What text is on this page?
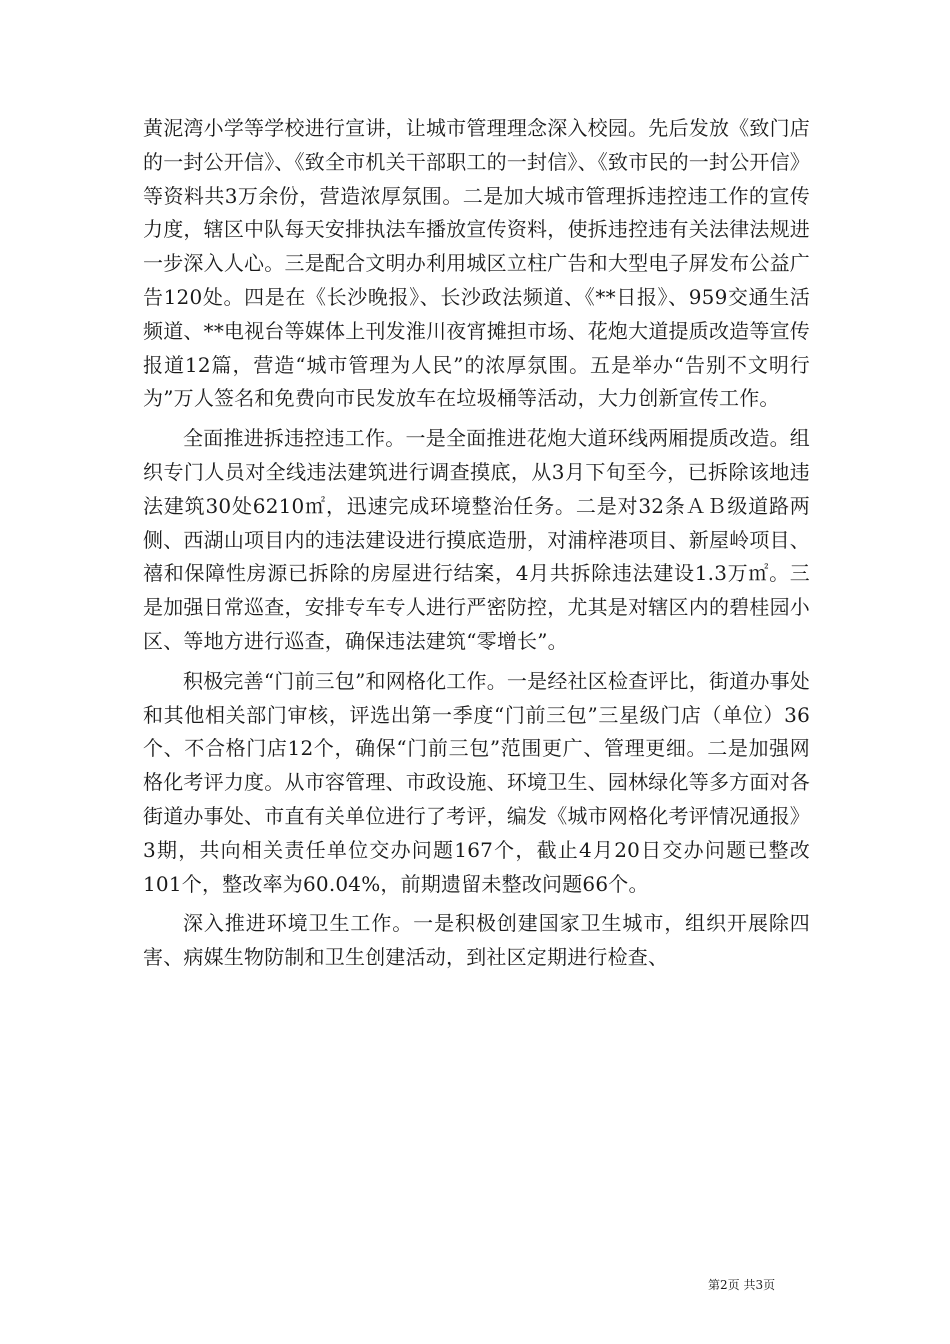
黄泥湾小学等学校进行宣讲，让城市管理理念深入校园。先后发放《致门店的一封公开信》、《致全市机关干部职工的一封信》、《致市民的一封公开信》等资料共3万余份，营造浓厚氛围。二是加大城市管理拆违控违工作的宣传力度，辖区中队每天安排执法车播放宣传资料，使拆违控违有关法律法规进一步深入人心。三是配合文明办利用城区立柱广告和大型电子屏发布公益广告120处。四是在《长沙晚报》、长沙政法频道、《**日报》、959交通生活频道、**电视台等媒体上刊发淮川夜宵摊担市场、花炮大道提质改造等宣传报道12篇，营造“城市管理为人民”的浓厚氛围。五是举办“告别不文明行为”万人签名和免费向市民发放车在垃圾桶等活动，大力创新宣传工作。

全面推进拆违控违工作。一是全面推进花炮大道环线两厢提质改造。组织专门人员对全线违法建筑进行调查摸底，从3月下旬至今，已拆除该地违法建筑30处6210㎡，迅速完成环境整治任务。二是对32条ＡＢ级道路两侧、西湖山项目内的违法建设进行摸底造册，对浦梓港项目、新屋岭项目、禧和保障性房源已拆除的房屋进行结案，4月共拆除违法建设1.3万㎡。三是加强日常巡查，安排专车专人进行严密防控，尤其是对辖区内的碧桂园小区、等地方进行巡查，确保违法建筑“零增长”。

积极完善“门前三包”和网格化工作。一是经社区检查评比，街道办事处和其他相关部门审核，评选出第一季度“门前三包”三星级门店（单位）36个、不合格门店12个，确保“门前三包”范围更广、管理更细。二是加强网格化考评力度。从市容管理、市政设施、环境卫生、园林绿化等多方面对各街道办事处、市直有关单位进行了考评，编发《城市网格化考评情况通报》3期，共向相关责任单位交办问题167个，截止4月20日交办问题已整改101个，整改率为60.04%，前期遗留未整改问题66个。

深入推进环境卫生工作。一是积极创建国家卫生城市，组织开展除四害、病媒生物防制和卫生创建活动，到社区定期进行检查、

第2页 共3页
